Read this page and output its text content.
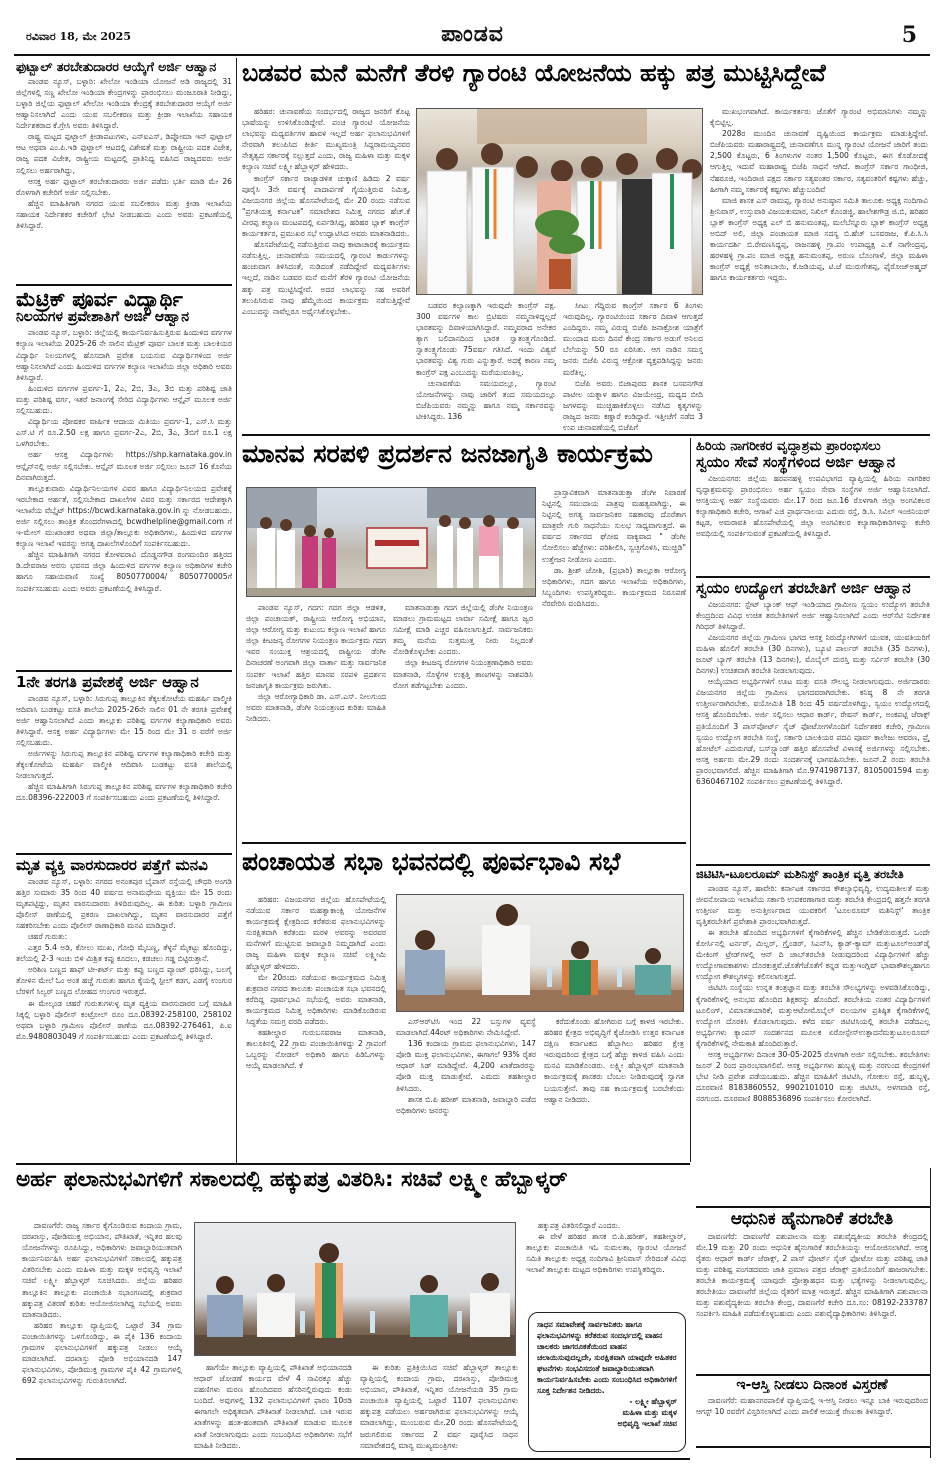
ರವಿವಾರ 18, ಮೇ 2025	ಪಾಂಡವ	5
ಫುಟ್ಬಾಲ್ ತರಬೇತುದಾರರ ಆಯ್ಕೆಗೆ ಅರ್ಜಿ ಆಹ್ವಾನ

ಪಾಂಡವ ನ್ಯೂಸ್, ಬಳ್ಳಾರಿ: ಖೇಲೋ ಇಂಡಿಯಾ ಯೋಜನೆ ಅಡಿ ರಾಜ್ಯದಲ್ಲಿ 31 ಜಿಲ್ಲೆಗಳಲ್ಲಿ ಸಣ್ಣ ಖೇಲೋ ಇಂಡಿಯಾ ಕೇಂದ್ರಗಳನ್ನು ಪ್ರಾರಂಭಿಸಲು ಮಂಜೂರಾತಿ ನೀಡಿದ್ದು, ಬಳ್ಳಾರಿ ಜಿಲ್ಲೆಯ ಫುಟ್ಬಾಲ್ ಖೇಲೋ ಇಂಡಿಯಾ ಕೇಂದ್ರಕ್ಕೆ ತರಬೇತುದಾರರ ಆಯ್ಕೆಗೆ ಅರ್ಜಿ ಆಹ್ವಾನಿಸಲಾಗಿದೆ ಎಂದು ಯುವ ಸಬಲೀಕರಣ ಮತ್ತು ಕ್ರೀಡಾ ಇಲಾಖೆಯ ಸಹಾಯಕ ನಿರ್ದೇಶಕರಾದ ಕೆ.ಗ್ರೇಸಿ ಅವರು ತಿಳಿಸಿದ್ದಾರೆ.

ರಾಷ್ಟ್ರ ಮಟ್ಟದ ಫುಟ್ಬಾಲ್ ಕ್ರೀಡಾಪಟುಗಳು, ಎನ್ಐಎಸ್, ಡಿಪ್ಲೋಮಾ ಇನ್ ಫುಟ್ಬಾಲ್ ಆಟ ಅಥವಾ ಎಂ.ಪಿ.ಇಡಿ ಫುಟ್ಬಾಲ್ ಆಟದಲ್ಲಿ ವಿಶೇಷತೆ ಮತ್ತು ರಾಷ್ಟ್ರೀಯ ಪದಕ ವಿಜೇತ, ರಾಜ್ಯ ಪದಕ ವಿಜೇತ, ರಾಷ್ಟ್ರೀಯ ಮಟ್ಟದಲ್ಲಿ ಪ್ರಾತಿನಿಧ್ಯ ವಹಿಸಿದ ರಾಜ್ಯದವರು ಅರ್ಜಿ ಸಲ್ಲಿಸಲು ಅರ್ಹರಾಗಿದ್ದು,

ಆಸಕ್ತ ಅರ್ಹ ಫುಟ್ಬಾಲ್ ತರಬೇತುದಾರರು ಅರ್ಜಿ ಪಡೆದು ಭರ್ತಿ ಮಾಡಿ ಮೇ 26 ರೊಳಗಾಗಿ ಕಚೇರಿಗೆ ಅರ್ಜಿ ಸಲ್ಲಿಸಬೇಕು.

ಹೆಚ್ಚಿನ ಮಾಹಿತಿಗಾಗಿ ನಗರದ ಯುವ ಸಬಲೀಕರಣ ಮತ್ತು ಕ್ರೀಡಾ ಇಲಾಖೆಯ ಸಹಾಯಕ ನಿರ್ದೇಶಕರ ಕಚೇರಿಗೆ ಭೇಟಿ ನೀಡಬಹುದು ಎಂದು ಅವರು ಪ್ರಕಟಣೆಯಲ್ಲಿ ತಿಳಿಸಿದ್ದಾರೆ.

ಮೆಟ್ರಿಕ್ ಪೂರ್ವ ವಿದ್ಯಾರ್ಥಿ
ನಿಲಯಗಳ ಪ್ರವೇಶಾತಿಗೆ ಅರ್ಜಿ ಆಹ್ವಾನ

ಪಾಂಡವ ನ್ಯೂಸ್, ಬಳ್ಳಾರಿ: ಜಿಲ್ಲೆಯಲ್ಲಿ ಕಾರ್ಯನಿರ್ವಹಿಸುತ್ತಿರುವ ಹಿಂದುಳಿದ ವರ್ಗಗಳ ಕಲ್ಯಾಣ ಇಲಾಖೆಯ 2025-26 ನೇ ಸಾಲಿನ ಮೆಟ್ರಿಕ್ ಪೂರ್ವ ಬಾಲಕ ಮತ್ತು ಬಾಲಕಿಯರ ವಿದ್ಯಾರ್ಥಿ ನಿಲಯಗಳಲ್ಲಿ ಹೊಸದಾಗಿ ಪ್ರವೇಶ ಬಯಸುವ ವಿದ್ಯಾರ್ಥಿಗಳಿಂದ ಅರ್ಜಿ ಆಹ್ವಾನಿಸಲಾಗಿದೆ ಎಂದು ಹಿಂದುಳಿದ ವರ್ಗಗಳ ಕಲ್ಯಾಣ ಇಲಾಖೆಯ ಜಿಲ್ಲಾ ಅಧಿಕಾರಿ ಅವರು ತಿಳಿಸಿದ್ದಾರೆ.

ಹಿಂದುಳಿದ ವರ್ಗಗಳ ಪ್ರವರ್ಗ-1, 2ಎ, 2ಬಿ, 3ಎ, 3ಬಿ ಮತ್ತು ಪರಿಶಿಷ್ಟ ಜಾತಿ ಮತ್ತು ಪರಿಶಿಷ್ಟ ವರ್ಗ, ಇತರೆ ಜನಾಂಗಕ್ಕೆ ಸೇರಿದ ವಿದ್ಯಾರ್ಥಿಗಳು ಆನ್ಲೈನ್ ಮೂಲಕ ಅರ್ಜಿ ಸಲ್ಲಿಸಬಹುದು.

ವಿದ್ಯಾರ್ಥಿಯ ಪೋಷಕರ ವಾರ್ಷಿಕ ಆದಾಯ ಮಿತಿಯು ಪ್ರವರ್ಗ-1, ಎಸ್.ಸಿ ಮತ್ತು ಎಸ್.ಟಿ ಗೆ ರೂ.2.50 ಲಕ್ಷ ಹಾಗೂ ಪ್ರವರ್ಗ-2ಎ, 2ಬಿ, 3ಎ, 3ಬಿಗೆ ರೂ.1 ಲಕ್ಷ ಒಳಗಿರಬೇಕು.

ಅರ್ಹ ಆಸಕ್ತ ವಿದ್ಯಾರ್ಥಿಗಳು https://shp.karnataka.gov.in ಆನ್ಲೈನ್‌ನಲ್ಲಿ ಅರ್ಜಿ ಸಲ್ಲಿಸಬೇಕು. ಆನ್ಲೈನ್ ಮೂಲಕ ಅರ್ಜಿ ಸಲ್ಲಿಸಲು ಜೂನ್ 16 ಕೊನೆಯ ದಿನವಾಗಿರುತ್ತದೆ.

ತಾಲ್ಲೂಕುವಾರು ವಿದ್ಯಾರ್ಥಿನಿಲಯಗಳ ವಿವರ ಹಾಗೂ ವಿದ್ಯಾರ್ಥಿನಿಲಯದ ಪ್ರವೇಶಕ್ಕೆ ಇರಬೇಕಾದ ಅರ್ಹತೆ, ಸಲ್ಲಿಸಬೇಕಾದ ದಾಖಲೆಗಳ ವಿವರ ಮತ್ತು ಸರ್ಕಾರದ ಆದೇಶಕ್ಕಾಗಿ ಇಲಾಖೆಯ ವೆಬ್ಸೈಟ್ https://bcwd.karnataka.gov.in ನ್ನು ನೋಡಬಹುದು. ಅರ್ಜಿ ಸಲ್ಲಿಸಲು ತಾಂತ್ರಿಕ ತೊಂದರೆಗಳಾದಲ್ಲಿ bcwdhelpline@gmail.com ಗೆ ಇ-ಮೇಲ್ ಮುಖಾಂತರ ಅಥವಾ ಜಿಲ್ಲಾ/ತಾಲ್ಲೂಕು ಅಧಿಕಾರಿಗಳು, ಹಿಂದುಳಿದ ವರ್ಗಗಳ ಕಲ್ಯಾಣ ಇಲಾಖೆ ಇವರನ್ನು ಅಗತ್ಯ ದಾಖಲೆಗಳೊಂದಿಗೆ ಸಂಪರ್ಕಿಸಬಹುದು.

ಹೆಚ್ಚಿನ ಮಾಹಿತಿಗಾಗಿ ನಗರದ ಕೋಳವರಾವಿ ದೊಡ್ಡನಗೌಡ ರಂಗಮಂದಿರ ಹತ್ತಿರದ ಡಿ.ದೇವರಾಜ ಅರಸು ಭವನದ ಜಿಲ್ಲಾ ಹಿಂದುಳಿದ ವರ್ಗಗಳ ಕಲ್ಯಾಣ ಅಧಿಕಾರಿಗಳ ಕಚೇರಿ ಹಾಗೂ ಸಹಾಯವಾಣಿ ಸಂಖ್ಯೆ 8050770004/ 8050770005ಗೆ ಸಂಪರ್ಕಿಸಬಹುದು ಎಂದು ಅವರು ಪ್ರಕಟಣೆಯಲ್ಲಿ ತಿಳಿಸಿದ್ದಾರೆ.

1ನೇ ತರಗತಿ ಪ್ರವೇಶಕ್ಕೆ ಅರ್ಜಿ ಆಹ್ವಾನ

ಪಾಂಡವ ನ್ಯೂಸ್, ಬಳ್ಳಾರಿ: ಸಿರುಗುಪ್ಪ ತಾಲ್ಲೂಕಿನ ತೆಕ್ಕಲಕೋಟೆಯ ಮಹರ್ಷಿ ವಾಲ್ಮೀಕಿ ಆದಿವಾಸಿ ಬುಡಕಟ್ಟು ವಸತಿ ಶಾಲೆಯ 2025-26ನೇ ಸಾಲಿನ 01 ನೇ ತರಗತಿ ಪ್ರವೇಶಕ್ಕೆ ಅರ್ಜಿ ಆಹ್ವಾನಿಸಲಾಗಿದೆ ಎಂದು ತಾಲ್ಲೂಕು ಪರಿಶಿಷ್ಟ ವರ್ಗಗಳ ಕಲ್ಯಾಣಾಧಿಕಾರಿ ಅವರು ತಿಳಿಸಿದ್ದಾರೆ. ಆಸಕ್ತ ಅರ್ಹ ವಿದ್ಯಾರ್ಥಿಗಳು ಮೇ 15 ರಿಂದ ಮೇ 31 ರ ವರೆಗೆ ಅರ್ಜಿ ಸಲ್ಲಿಸಬಹುದು.

ಅರ್ಜಿಗಳನ್ನು ಸಿರುಗುಪ್ಪ ತಾಲ್ಲೂಕಿನ ಪರಿಶಿಷ್ಟ ವರ್ಗಗಳ ಕಲ್ಯಾಣಾಧಿಕಾರಿ ಕಚೇರಿ ಮತ್ತು ತೆಕ್ಕಲಕೋಟೆಯ ಮಹರ್ಷಿ ವಾಲ್ಮೀಕಿ ಆದಿವಾಸಿ ಬುಡಕಟ್ಟು ವಸತಿ ಶಾಲೆಯಲ್ಲಿ ನೀಡಲಾಗುತ್ತದೆ.

ಹೆಚ್ಚಿನ ಮಾಹಿತಿಗಾಗಿ ಸಿರುಗುಪ್ಪ ತಾಲ್ಲೂಕಿನ ಪರಿಶಿಷ್ಟ ವರ್ಗಗಳ ಕಲ್ಯಾಣಾಧಿಕಾರಿ ಕಚೇರಿ ದೂ.08396-222003 ಗೆ ಸಂಪರ್ಕಿಸಬಹುದು ಎಂದು ಪ್ರಕಟಣೆಯಲ್ಲಿ ತಿಳಿಸಿದ್ದಾರೆ.

ಮೃತ ವ್ಯಕ್ತಿ ವಾರಸುದಾರರ ಪತ್ತೆಗೆ ಮನವಿ

ಪಾಂಡವ ನ್ಯೂಸ್, ಬಳ್ಳಾರಿ: ನಗರದ ಅನಂತಪುರ ಬೈಪಾಸ್ ರಸ್ತೆಯಲ್ಲಿ ಚೌಧರಿ ಅಂಗಡಿ ಹತ್ತಿರ ಸುಮಾರು 35 ರಿಂದ 40 ವರ್ಷದ ಅನಾಮಧೇಯ ವ್ಯಕ್ತಿಯು ಮೇ 15 ರಂದು ಮೃತಪಟ್ಟಿದ್ದು, ಮೃತನ ವಾರಸುದಾರರು ತಿಳಿದಿರುವುದಿಲ್ಲ. ಈ ಕುರಿತು ಬಳ್ಳಾರಿ ಗ್ರಾಮೀಣ ಪೊಲೀಸ್ ಠಾಣೆಯಲ್ಲಿ ಪ್ರಕರಣ ದಾಖಲಾಗಿದ್ದು, ಮೃತನ ವಾರಸುದಾರರ ಪತ್ತೆಗೆ ಸಹಕರಿಸಬೇಕು ಎಂದು ಪೊಲೀಸ್ ಠಾಣಾಧಿಕಾರಿ ಮನವಿ ಮಾಡಿದ್ದಾರೆ.

ಚಹರೆ ಗುರುತು:

ಎತ್ತರ 5.4 ಅಡಿ, ಕೋಲು ಮುಖ, ಗೋಧಿ ಮೈಬಣ್ಣ, ತೆಳ್ಳನೆ ಮೈಕಟ್ಟು ಹೊಂದಿದ್ದು, ತಲೆಯಲ್ಲಿ 2-3 ಇಂಚು ಬಿಳಿ ಮಿಶ್ರಿತ ಕಪ್ಪು ಕೂದಲು, ಕಡಚಲು ಗಡ್ಡ ಬಿಟ್ಟಿರುತ್ತಾನೆ.

ಅರಿಶಿಣ ಬಣ್ಣದ ಹಾಫ್ ಟೀ-ಶರ್ಟ್ ಮತ್ತು ಕಪ್ಪು ಬಣ್ಣದ ಪ್ಯಾಂಟ್ ಧರಿಸಿದ್ದು, ಬಲಗೈ ತೋಳಿನ ಮೇಲೆ ಓಂ ಅಂತ ಹಚ್ಚೆ ಗುರುತು ಹಾಗೂ ಕೈಯಲ್ಲಿ ಸ್ಟೀಲ್ ಕಡಗ, ಎಡಗೈ ಉಂಗುರ ಬೆರಳಿಗೆ ಸಿಲ್ವರ್ ಬಣ್ಣದ ಲೋಹದ ಉಂಗುರ ಇರುತ್ತದೆ.

ಈ ಮೇಲ್ಕಂಡ ಚಹರೆ ಗುರುತುಗಳುಳ್ಳ ಮೃತ ವ್ಯಕ್ತಿಯ ವಾರಸುದಾರರ ಬಗ್ಗೆ ಮಾಹಿತಿ ಸಿಕ್ಕಲ್ಲಿ ಬಳ್ಳಾರಿ ಪೊಲೀಸ್ ಕಂಟ್ರೋಲ್ ರೂಂ ದೂ.08392-258100, 258102 ಅಥವಾ ಬಳ್ಳಾರಿ ಗ್ರಾಮೀಣ ಪೊಲೀಸ್ ಠಾಣೆಯ ದೂ.08392-276461, ಪಿ.ಐ ಮೊ.9480803049 ಗೆ ಸಂಪರ್ಕಿಸಬಹುದು ಎಂದು ಪ್ರಕಟಣೆಯಲ್ಲಿ ತಿಳಿಸಿದ್ದಾರೆ.

ಬಡವರ ಮನೆ ಮನೆಗೆ ತೆರಳಿ ಗ್ಯಾರಂಟಿ ಯೋಜನೆಯ ಹಕ್ಕು ಪತ್ರ ಮುಟ್ಟಿಸಿದ್ದೇವೆ

ಹರಿಹರ: ಚುನಾವಣೆಯ ಸಂದರ್ಭದಲ್ಲಿ ರಾಜ್ಯದ ಜನರಿಗೆ ಕೊಟ್ಟ ಭಾಷೆಯನ್ನು ಉಳಿಸಿಕೊಂಡಿದ್ದೇವೆ. ಪಂಚ ಗ್ಯಾರಂಟಿ ಯೋಜನೆಯ ಲಾಭವನ್ನು ಮಧ್ಯವರ್ತಿಗಳ ಹಾವಳಿ ಇಲ್ಲದೆ ಅರ್ಹ ಫಲಾನುಭವಿಗಳಿಗೆ ನೇರವಾಗಿ ತಲುಪಿಸಿದ ಕೀರ್ತಿ ಮುಖ್ಯಮಂತ್ರಿ ಸಿದ್ದರಾಮಯ್ಯನವರ ನೇತೃತ್ವದ ಸರ್ಕಾರಕ್ಕೆ ಸಲ್ಲುತ್ತದೆ ಎಂದು, ರಾಜ್ಯ ಮಹಿಳಾ ಮತ್ತು ಮಕ್ಕಳ ಕಲ್ಯಾಣ ಸಚಿವೆ ಲಕ್ಷ್ಮೀ ಹೆಬ್ಬಾಳ್ಕರ್ ಹೇಳಿದರು.

ಕಾಂಗ್ರೆಸ್ ಸರ್ಕಾರ ರಾಜ್ಯಾಡಳಿತ ಚುಕ್ಕಾಣಿ ಹಿಡಿದು 2 ವರ್ಷ ಪೂರೈಸಿ 3ನೇ ವರ್ಷಕ್ಕೆ ಪಾದಾರ್ಪಣೆ ಗೈಯುತ್ತಿರುವ ನಿಮಿತ್ತ, ವಿಜಯನಗರ ಜಿಲ್ಲೆಯ ಹೊಸಪೇಟೆಯಲ್ಲಿ ಮೇ 20 ರಂದು ನಡೆಸುವ "ಪ್ರಗತಿಯತ್ತ ಕರ್ನಾಟಕ" ಸಮಾವೇಶದ ನಿಮಿತ್ತ ನಗರದ ಹೆಚ್.ಕೆ ವೀರಪ್ಪ ಕಲ್ಯಾಣ ಮಂಟಪದಲ್ಲಿ ಏರ್ಪಡಿಸಿದ್ದ, ಹರಿಹರ ಬ್ಲಾಕ್ ಕಾಂಗ್ರೆಸ್ ಕಾರ್ಯಕರ್ತರ, ಪ್ರಮುಖರ ಸಭೆ ಉದ್ಘಾಟಿಸಿದ ಅವರು ಮಾತನಾಡಿದರು.

ಹೊಸಪೇಟೆಯಲ್ಲಿ ನಡೆಸುತ್ತಿರುವ ನಾವು ಕಾಟಾಚಾರಕ್ಕೆ ಕಾರ್ಯಕ್ರಮ ನಡೆಸುತ್ತಿಲ್ಲ. ಚುನಾವಣೆಯ ಸಮಯದಲ್ಲಿ ಗ್ಯಾರಂಟಿ ಕಾರ್ಡುಗಳನ್ನು ಹಂಚುವಾಗ ತಿಳಿಸಿದಂತೆ, ನುಡಿದಂತೆ ನಡೆದಿದ್ದೇವೆ ಮಧ್ಯವರ್ತಿಗಳು ಇಲ್ಲದೆ, ನಾಡಿನ ಬಡವರ ಮನೆ ಮನೆಗೆ ತೆರಳಿ ಗ್ಯಾರಂಟಿ ಯೋಜನೆಯ ಹಕ್ಕು ಪತ್ರ ಮುಟ್ಟಿಸಿದ್ದೇವೆ. ಅದರ ಲಾಭವನ್ನು ಸಹ ಅವರಿಗೆ ತಲುಪಿಸಿರುವ ನಾವು ಹೆಮ್ಮೆಯಿಂದ ಕಾರ್ಯಕ್ರಮ ನಡೆಸುತ್ತಿದ್ದೇವೆ ಎಂಬುದನ್ನು ನಾವೆಲ್ಲರೂ ಅರ್ಥೈಸಿಕೊಳ್ಳಬೇಕು.

ಬಡವರ ಕಲ್ಯಾಣಕ್ಕಾಗಿ ಇರುವುದೇ ಕಾಂಗ್ರೆಸ್ ಪಕ್ಷ. 300 ವರ್ಷಗಳ ಕಾಲ ಬ್ರಿಟಿಷರು ನಮ್ಮನಾಳಿದ್ದಲ್ಲದೆ ಭಾರತವನ್ನು ದಿವಾಳಿಯಾಗಿಸಿದ್ದಾರೆ. ನಮ್ಮವರಾದ ಅನೇಕರ ತ್ಯಾಗ ಬಲಿದಾನದಿಂದ ಭಾರತ ಸ್ವಾತಂತ್ರ್ಯಗೊಂಡಿದೆ. ಸ್ವಾತಂತ್ರ್ಯಗೊಂಡು 75ವರ್ಷ ಗತಿಸಿದೆ. ಇಂದು ವಿಶ್ವವೆ ಭಾರತವನ್ನು ವಿಶ್ವ ಗುರು ಎನ್ನುತ್ತಾರೆ. ಅದಕ್ಕೆ ಕಾರಣ ನಮ್ಮ ಕಾಂಗ್ರೆಸ್ ಪಕ್ಷ ಎಂಬುದನ್ನು ಮರೆಯುವಂತಿಲ್ಲ.

ಚುನಾವಣೆಯ ಸಮಯದಲ್ಲೂ, ಗ್ಯಾರಂಟಿ ಯೋಜನೆಗಳನ್ನು ನಾವು ಜಾರಿಗೆ ತಂದ ಸಮಯದಲ್ಲೂ ಬಿಜೆಪಿಯವರು ನಮ್ಮನ್ನು ಹಾಗೂ ನಮ್ಮ ಸರ್ಕಾರವನ್ನು ಟೀಕಿಸಿದ್ದರು. 136

ಸೀಟು ಗೆದ್ದಿರುವ ಕಾಂಗ್ರೆಸ್ ಸರ್ಕಾರ 6 ತಿಂಗಳು ಇರುವುದಿಲ್ಲ. ಗ್ಯಾರಂಟಿಯಿಂದ ಸರ್ಕಾರ ದಿವಾಳಿ ಆಗುತ್ತದೆ ಎಂದಿದ್ದರು. ನಮ್ಮ ವಿರುದ್ಧ ಬಿಜೆಪಿ ಜನಾಕ್ರೋಶ ಯಾತ್ರೆಗೆ ಮುಂದಾದ ಮರು ದಿನವೆ ಕೇಂದ್ರ ಸರ್ಕಾರ ಅಡುಗೆ ಅನಿಲದ ಬೆಲೆಯನ್ನು 50 ರೂ ಏರಿಸಿತು. ಆಗ ನಾಡಿನ ಸಮಸ್ತ ಜನರು ಬಿಜೆಪಿ ವಿರುದ್ಧ ಆಕ್ರೋಶ ವ್ಯಕ್ತಪಡಿಸಿದ್ದನ್ನು ಜನರು ಮರೆತಿಲ್ಲ.

ಬಿಜೆಪಿ ಅವರು ಬಿಜಾಪುರದ ಶಾಸಕ ಬಸವನಗೌಡ ಪಾಟೀಲ ಯತ್ನಾಳ ಹಾಗೂ ವಿಜಯೇಂದ್ರ, ಮಧ್ಯದ ಬೀದಿ ಜಗಳವನ್ನು ಮುಚ್ಚಿಹಾಕಿಕೊಳ್ಳಲು ನಡೆಸಿದ ಕೃತ್ಯಗಳನ್ನು ರಾಜ್ಯದ ಜನರು ಕಣ್ಣಾರೆ ಕಂಡಿದ್ದಾರೆ. ಇತ್ತೀಚೆಗೆ ನಡೆದ 3 ಉಪ ಚುನಾವಣೆಯಲ್ಲಿ ಬಿಜೆಪಿಗೆ

ಮುಖಭಂಗವಾಗಿದೆ. ಕಾರ್ಯಕರ್ತರು ಜೊತೆಗೆ ಗ್ಯಾರಂಟಿ ಅಭಿಮಾನಿಗಳು ನಮ್ಮನ್ನು ಕೈಬಿಟ್ಟಿಲ್ಲ.

2028ರ ಮುಂದಿನ ಚುನಾವಣೆ ದೃಷ್ಟಿಯಿಂದ ಕಾರ್ಯಕ್ರಮ ಮಾಡುತ್ತಿದ್ದೇವೆ. ಬಿಜೆಪಿಯವರು ಮಹಾರಾಷ್ಟ್ರದಲ್ಲಿ ಚುನಾವಣೆಗೂ ಮುನ್ನ ಗ್ಯಾರಂಟಿ ಯೋಜನೆ ಜಾರಿಗೆ ತಂದು 2,500 ಕೊಟ್ಟರು, 6 ತಿಂಗಳುಗಳ ನಂತರ 1,500 ಕೊಟ್ಟರು, ಈಗ ಕೊಡೋದಕ್ಕೆ ಆಗುತ್ತಿಲ್ಲ ಇದುವೆ ಮಹಾರಾಷ್ಟ್ರ ಬಿಜೆಪಿ ಸಾಧನೆ ಆಗಿದೆ. ಕಾಂಗ್ರೆಸ್ ಸರ್ಕಾರ ಗಾಂಧೀಜಿ, ನೆಹರೂಜಿ, ಇಂದಿರಾಜಿ ಪಕ್ಷದ ಸರ್ಕಾರ ಸತ್ಯವಂತರ ಸರ್ಕಾರ, ಸತ್ಯವಂತರಿಗೆ ಕಷ್ಟಗಳು ಹೆಚ್ಚು, ಹೀಗಾಗಿ ನಮ್ಮ ಸರ್ಕಾರಕ್ಕೆ ಕಷ್ಟಗಳು ಹೆಚ್ಚುಬಂದಿವೆ

ಮಾಜಿ ಶಾಸಕ ಎಸ್ ರಾಮಪ್ಪ, ಗ್ಯಾರಂಟಿ ಅನುಷ್ಠಾನ ಸಮಿತಿ ತಾಲೂಕು ಅಧ್ಯಕ್ಷ ನಂದಿಗಾವಿ ಶ್ರೀನಿವಾಸ್, ಉಸ್ತುವಾರಿ ವಿಜಯಕುಮಾರ, ನಿಖಿಲ್ ಕೊಂಡಜ್ಜಿ, ಹಾಲೇಶಗೌಡ್ರ ಜಿ.ಬಿ, ಹರಿಹರ ಬ್ಲಾಕ್ ಕಾಂಗ್ರೆಸ್ ಅಧ್ಯಕ್ಷ ಎಲ್ ಬಿ ಹನುಮಂತಪ್ಪ, ಮಲೆಬೆನ್ನೂರು ಬ್ಲಾಕ್ ಕಾಂಗ್ರೆಸ್ ಅಧ್ಯಕ್ಷ ಅಬಿದ್ ಅಲಿ, ಜಿಲ್ಲಾ ಪಂಚಾಯತ ಮಾಜಿ ಸದಸ್ಯ ಬಿ.ಹೆಚ್ ಬಸವರಾಜ, ಕೆ.ಪಿ.ಸಿ.ಸಿ ಕಾರ್ಯದರ್ಶಿ ಬಿ.ರೇವಣಸಿದ್ದಪ್ಪ, ರಾಜನಹಳ್ಳಿ ಗ್ರಾ.ಪಂ ಉಪಾಧ್ಯಕ್ಷ ಎ.ಕೆ ನಾಗೇಂದ್ರಪ್ಪ, ಹರಳಹಳ್ಳಿ ಗ್ರಾ.ಪಂ ಮಾಜಿ ಅಧ್ಯಕ್ಷ ಹನುಮಂತಪ್ಪ, ಅರುಣ ಬೊಂಗಾಳೆ, ಜಿಲ್ಲಾ ಮಹಿಳಾ ಕಾಂಗ್ರೆಸ್ ಅಧ್ಯಕ್ಷೆ ಅನಿತಾಬಾಯಿ, ಕೆ.ಜಡಿಯಪ್ಪ, ಟಿ.ಜೆ ಮುರುಗೇಶಪ್ಪ, ಫೈರೋಜ್‌ಅಹ್ಮದ್ ಹಾಗೂ ಕಾರ್ಯಕರ್ತರು ಇದ್ದರು.

ಮಾನವ ಸರಪಳಿ ಪ್ರದರ್ಶನ ಜನಜಾಗೃತಿ ಕಾರ್ಯಕ್ರಮ

ಪಾಂಡವ ನ್ಯೂಸ್, ಗದಗ: ಗದಗ ಜಿಲ್ಲಾ ಆಡಳಿತ, ಜಿಲ್ಲಾ ಪಂಚಾಯತ್, ರಾಷ್ಟ್ರೀಯ ಆರೋಗ್ಯ ಅಭಿಯಾನ, ಜಿಲ್ಲಾ ಆರೋಗ್ಯ ಮತ್ತು ಕುಟುಂಬ ಕಲ್ಯಾಣ ಇಲಾಖೆ ಹಾಗೂ ಜಿಲ್ಲಾ ಕೀಟಜನ್ಯ ರೋಗಗಳ ನಿಯಂತ್ರಣ ಕಾರ್ಯಕ್ರಮ ಗದಗ ಇವರ ಸಂಯುಕ್ತ ಆಶ್ರಯದಲ್ಲಿ ರಾಷ್ಟ್ರೀಯ ಡೆಂಗೀ ದಿನಾಚರಣೆ ಅಂಗವಾಗಿ ಜಿಲ್ಲಾ ವಾರ್ತಾ ಮತ್ತು ಸಾರ್ವಜನಿಕ ಸಂಪರ್ಕ ಇಲಾಖೆ ಹತ್ತಿರ ಮಾನವ ಸರಪಳಿ ಪ್ರದರ್ಶನ ಜನಜಾಗೃತಿ ಕಾರ್ಯಕ್ರಮ ಜರುಗಿತು.

ಜಿಲ್ಲಾ ಆರೋಗ್ಯಾಧಿಕಾರಿ ಡಾ. ಎಸ್.ಎಸ್. ನೀಲಗುಂದ ಅವರು ಮಾತನಾಡಿ, ಡೆಂಗೀ ನಿಯಂತ್ರಣದ ಕುರಿತು ಮಾಹಿತಿ ನೀಡಿದರು.

ಮಾತನಾಡುತ್ತಾ ಗದಗ ಜಿಲ್ಲೆಯಲ್ಲಿ ಡೆಂಗೀ ನಿಯಂತ್ರಣ ಮಾಡಲು ಗ್ರಾಮಮಟ್ಟದ ಲಾರ್ವಾ ಸಮೀಕ್ಷೆ ಹಾಗೂ ಜ್ವರ ಸಮೀಕ್ಷೆ ಮಾಡಿ ಎಚ್ಚರ ವಹಿಸಲಾಗುತ್ತಿದೆ. ಸಾರ್ವಜನಿಕರು ತಮ್ಮ ಮನೆಯ ಸುತ್ತಮುತ್ತ ನೀರು ನಿಲ್ಲದಂತೆ ನೋಡಿಕೊಳ್ಳಬೇಕು ಎಂದರು.

ಜಿಲ್ಲಾ ಕೀಟಜನ್ಯ ರೋಗಗಳ ನಿಯಂತ್ರಣಾಧಿಕಾರಿ ಅವರು ಮಾತನಾಡಿ, ಸೊಳ್ಳೆಗಳ ಉತ್ಪತ್ತಿ ತಾಣಗಳನ್ನು ನಾಶಪಡಿಸಿ ರೋಗ ತಡೆಗಟ್ಟಬೇಕು ಎಂದರು.

ಪ್ರಾಸ್ತಾವಿಕವಾಗಿ ಮಾತನಾಡುತ್ತಾ ಡೆಂಗೀ ನಿವಾರಣೆ ನಿಟ್ಟಿನಲ್ಲಿ ಸಮುದಾಯ ಪಾತ್ರವು ಮಹತ್ವವಾಗಿದ್ದು, ಈ ನಿಟ್ಟಿನಲ್ಲಿ ಅಗತ್ಯ ಸಾರ್ವಜನಿಕರ ಸಹಕಾರವು ದೊರೆತಾಗ ಮಾತ್ರವೇ ಗುರಿ ಸಾಧನೆಯು ಸುಲಭ ಸಾಧ್ಯವಾಗುತ್ತದೆ. ಈ ವರ್ಷದ ಸರ್ಕಾರದ ಘೋಷ ವಾಕ್ಯವಾದ " ಡೆಂಗೀ ಸೋಲಿಸಲು ಹೆಜ್ಜೆಗಳು: ಪರಿಶೀಲಿಸಿ, ಸ್ವಚ್ಛಗೊಳಿಸಿ, ಮುಚ್ಚಿಡಿ" ಉತ್ತೇಜನ ನೀಡೋಣ ಎಂದರು.

ಡಾ. ಶ್ರೀಶ್ ಜೋಶಿ, (ಪ್ರಭಾರಿ) ತಾಲ್ಲೂಕಾ ಆರೋಗ್ಯ ಅಧಿಕಾರಿಗಳು, ಗದಗ ಹಾಗೂ ಇಲಾಖೆಯ ಅಧಿಕಾರಿಗಳು, ಸಿಬ್ಬಂದಿಗಳು ಉಪಸ್ಥಿತರಿದ್ದರು. ಕಾರ್ಯಕ್ರಮದ ನಿರೂಪಣೆ ನೆರವೇರಿಸಿ ವಂದಿಸಿದರು.

ಹಿರಿಯ ನಾಗರೀಕರ ವೃದ್ಧಾಶ್ರಮ ಪ್ರಾರಂಭಿಸಲು
ಸ್ವಯಂ ಸೇವೆ ಸಂಸ್ಥೆಗಳಿಂದ ಅರ್ಜಿ ಆಹ್ವಾನ

ವಿಜಯನಗರ: ಜಿಲ್ಲೆಯ ಹರಪನಹಳ್ಳಿ ಉಪವಿಭಾಗದ ವ್ಯಾಪ್ತಿಯಲ್ಲಿ ಹಿರಿಯ ನಾಗರಿಕರ ವೃದ್ಧಾಶ್ರಮವನ್ನು ಪ್ರಾರಂಭಿಸಲು ಅರ್ಹ ಸ್ವಯಂ ಸೇವಾ ಸಂಸ್ಥೆಗಳ ಅರ್ಜಿ ಆಹ್ವಾನಿಸಲಾಗಿದೆ. ಆಸಕ್ತಿಯುಳ್ಳ ಅರ್ಹ ಸಂಸ್ಥೆಯವರು ಮೇ.17 ರಿಂದ ಜೂ.16 ರೊಳಗಾಗಿ ಜಿಲ್ಲಾ ಅಂಗವಿಕಲರ ಕಲ್ಯಾಣಾಧಿಕಾರಿ ಕಚೇರಿ, ಆಗಾಖೆ ಎಜಿ ಪ್ರಾರ್ಥನಾಲಯ ಎದುರು ರಸ್ತೆ, ಡಿ.ಸಿ. ಸಿವಿಲ್ ಇಂಜಿನಿಯರ್ ಕಟ್ಟಡ, ಅಮರಾವತಿ ಹೊಸಪೇಟೆಯಲ್ಲಿ ಜಿಲ್ಲಾ ಅಂಗವಿಕಲರ ಕಲ್ಯಾಣಾಧಿಕಾರಿಗಳನ್ನು ಕಚೇರಿ ಅವಧಿಯಲ್ಲಿ ಸಂಪರ್ಕಿಸುವಂತೆ ಪ್ರಕಟಣೆಯಲ್ಲಿ ತಿಳಿಸಿದ್ದಾರೆ.

ಸ್ವಯಂ ಉದ್ಯೋಗ ತರಬೇತಿಗೆ ಅರ್ಜಿ ಆಹ್ವಾನ

ವಿಜಯನಗರ: ಸ್ಟೇಟ್ ಬ್ಯಾಂಕ್ ಆಫ್ ಇಂಡಿಯಾದ ಗ್ರಾಮೀಣ ಸ್ವಯಂ ಉದ್ಯೋಗ ತರಬೇತಿ ಕೇಂದ್ರದಿಂದ ವಿವಿಧ ಉಚಿತ ತರಬೇತಿಗಳಿಗೆ ಅರ್ಜಿ ಆಹ್ವಾನಿಸಲಾಗಿದೆ ಎಂದು ಆರ್‌ಸೆಟಿ ನಿರ್ದೇಶಕ ಗಿರಿಧರ್ ತಿಳಿಸಿದ್ದಾರೆ.

ವಿಜಯನಗರ ಜಿಲ್ಲೆಯ ಗ್ರಾಮೀಣ ಭಾಗದ ಆಸಕ್ತ ನಿರುದ್ಯೋಗಿಗಳಿಗೆ ಯುವಕ, ಯುವತಿಯರಿಗೆ ಮಹಿಳಾ ಹೊಲಿಗೆ ತರಬೇತಿ (30 ದಿನಗಳು), ಬ್ಯೂಟಿ ಪಾರ್ಲರ್ ತರಬೇತಿ (35 ದಿನಗಳು), ಜೂಟ್ ಬ್ಯಾಗ್ ತರಬೇತಿ (13 ದಿನಗಳು), ಮೊಬೈಲ್ ದುರಸ್ತಿ ಮತ್ತು ಸರ್ವಿಸ್ ತರಬೇತಿ (30 ದಿನಗಳು) ಉಚಿತವಾಗಿ ತರಬೇತಿ ನೀಡಲಾಗುವುದು.

ಆಯ್ಕೆಯಾದ ಅಭ್ಯರ್ಥಿಗಳಿಗೆ ಊಟ ಮತ್ತು ವಸತಿ ಸೌಲಭ್ಯ ನೀಡಲಾಗುವುದು. ಅರ್ಜಿದಾರರು ವಿಜಯನಗರ ಜಿಲ್ಲೆಯ ಗ್ರಾಮೀಣ ಭಾಗದವರಾಗಿರಬೇಕು. ಕನಿಷ್ಠ 8 ನೇ ತರಗತಿ ಉತ್ತೀರ್ಣರಾಗಿರಬೇಕು. ವಯೋಮಿತಿ 18 ರಿಂದ 45 ವರ್ಷದೊಳಗಿದ್ದು, ಸ್ವಯಂ ಉದ್ಯೋಗದಲ್ಲಿ ಆಸಕ್ತಿ ಹೊಂದಿರಬೇಕು. ಅರ್ಜಿ ಸಲ್ಲಿಸಲು ಆಧಾರ ಕಾರ್ಡ್, ರೇಷನ್ ಕಾರ್ಡ್, ಅಂಕಪಟ್ಟಿ ಜೆರಾಕ್ಸ್ ಪ್ರತಿಯೊಂದಿಗೆ 3 ಪಾಸ್‌ಪೋರ್ಟ್ ಸೈಜ್ ಫೋಟೋಗಳೊಂದಿಗೆ ನಿರ್ದೇಶಕರ ಕಚೇರಿ, ಗ್ರಾಮೀಣ ಸ್ವಯಂ ಉದ್ಯೋಗ ತರಬೇತಿ ಸಂಸ್ಥೆ, ಸರ್ಕಾರಿ ಬಾಲಕಿಯರ ಪದವಿ ಪೂರ್ವ ಕಾಲೇಜು ಆವರಣ, ಪ್ರೈ ಹೋಟೆಲ್ ಎದುರುಗಡೆ, ಬಸ್‌ಸ್ಟ್ಯಾಂಡ್ ಹತ್ತಿರ ಹೊಸಪೇಟೆ ವಿಳಾಸಕ್ಕೆ ಅರ್ಜಿಗಳನ್ನು ಸಲ್ಲಿಸಬೇಕು. ಆಸಕ್ತ ಅರ್ಹರು ಮೇ.29 ರಂದು ಸಂದರ್ಶನಕ್ಕೆ ಭಾಗವಹಿಸಬೇಕು. ಜೂನ್.2 ರಂದು ತರಬೇತಿ ಪ್ರಾರಂಭವಾಗಲಿದೆ. ಹೆಚ್ಚಿನ ಮಾಹಿತಿಗಾಗಿ ಮೊ.9741987137, 8105001594 ಮತ್ತು 6360467102 ಸಂಪರ್ಕಿಸಲು ಪ್ರಕಟಣೆಯಲ್ಲಿ ತಿಳಿಸಿದ್ದಾರೆ.

ಜಿಟಿಟಿಸಿ-ಟೂಲರೂಮ್ ಮಶಿನಿಸ್ಟ್ ತಾಂತ್ರಿಕ ವೃತ್ತಿ ತರಬೇತಿ

ಪಾಂಡವ ನ್ಯೂಸ್, ಹಾವೇರಿ: ಕರ್ನಾಟಕ ಸರ್ಕಾರದ ಕೌಶಲ್ಯಾಭಿವೃದ್ಧಿ, ಉದ್ಯಮಶೀಲತೆ ಮತ್ತು ಜೀವನೋಪಾಯ ಇಲಾಖೆಯ ಸರ್ಕಾರಿ ಉಪಕರಣಾಗಾರ ಮತ್ತು ತರಬೇತಿ ಕೇಂದ್ರದಲ್ಲಿ ಹತ್ತನೇ ತರಗತಿ ಉತ್ತೀರ್ಣ ಮತ್ತು ಅನುತ್ತೀರ್ಣರಾದ ಯುವಕರಿಗೆ 'ಟೂಲರೂಮ್ ಮಶಿನಿಸ್ಟ್' ತಾಂತ್ರಿಕ ವೃತ್ತಿತರಬೇತಿಗೆ ಪ್ರವೇಶಾತಿ ಪ್ರಾರಂಭವಾಗಿರುತ್ತದೆ.

ಈ ತರಬೇತಿ ಹೊಂದಿದ ಅಭ್ಯರ್ಥಿಗಳಿಗೆ ಕೈಗಾರಿಕೆಗಳಲ್ಲಿ ಹೆಚ್ಚಿನ ಬೇಡಿಕೆಯಿರುತ್ತದೆ. ಒಂದೇ ಕೋರ್ಸಿನಲ್ಲಿ ಟರ್ನರ್, ಮಿಲ್ಲರ್, ಗ್ರೈಂಡರ್, ಸಿಎನ್‌ಸಿ, ಕ್ಯಾಡ್-ಕ್ಯಾಮ್ ಮತ್ತುಟೂಲ್‌ಅಂಡ್‌ಡೈ ಮೇಕಿಂಗ್ ಟ್ರೇಡ್‌ಗಳಲ್ಲಿ ಆನ್ ದಿ ಜಾಬ್‌ತರಬೇತಿ ನೀಡುವುದರಿಂದ ವಿದ್ಯಾರ್ಥಿಗಳಿಗೆ ಹೆಚ್ಚು ಉದ್ಯೋಗಾವಕಾಶಗಳು ದೊರಕುತ್ತವೆ.ಜೊತೆಗೆಜೊತೆಗೆ ಕನ್ನಡ ಮತ್ತುಇಂಗ್ಲಿಷ್ ಭಾಷಾಕೌಶಲ್ಯಹಾಗೂ ಉದ್ಯೋಗ ಕೌಶಲ್ಯಗಳನ್ನು ಕಲಿಸಲಾಗುತ್ತದೆ.

ಜಿಟಿಟಿಸಿ ಸಂಸ್ಥೆಯು ಉನ್ನತ ತಂತ್ರಜ್ಞಾನ ಮತ್ತು ತರಬೇತಿ ಸೌಲಭ್ಯಗಳನ್ನು ಅಳವಡಿಸಿಕೊಂಡಿದ್ದು, ಕೈಗಾರಿಕೆಗಳಲ್ಲಿ ಅನುಭವ ಹೊಂದಿದ ಶಿಕ್ಷಕರನ್ನು ಹೊಂದಿದೆ. ತರಬೇತಿಯ ನಂತರ ವಿದ್ಯಾರ್ಥಿಗಳಿಗೆ ಟೂಲಿಂಗ್, ವಿಮಾನತಯಾರಿಕೆ, ಮತ್ತುಆಟೋಮೊಬೈಲ್ ವಲಯಗಳ ಪ್ರತಿಷ್ಠಿತ ಕೈಗಾರಿಕೆಗಳಲ್ಲಿ ಉದ್ಯೋಗ ದೊರಕಿಸಿ ಕೊಡಲಾಗುವುದು. ಕಳೆದ ವರ್ಷ ಜಿಟಿಟಿಸಿಯಲ್ಲಿ ತರಬೇತಿ ಪಡೆದಎಲ್ಲ ಅಭ್ಯರ್ಥಿಗಳು ಕ್ಯಾಂಪಸ್ ಸಂದರ್ಶನದ ಮೂಲಕ ಏರೋಸ್ಪೇಸ್‌ಉತ್ಪಾದನೆಮತ್ತುಟೂಲರೂಮ್ ಕೈಗಾರಿಕೆಗಳಲ್ಲಿ ನೇಮಕಾತಿ ಹೊಂದಿರುತ್ತಾರೆ.

ಆಸಕ್ತ ಅಭ್ಯರ್ಥಿಗಳು ದಿನಾಂಕ 30-05-2025 ರೊಳಗಾಗಿ ಅರ್ಜಿ ಸಲ್ಲಿಸಬೇಕು. ತರಬೇತಿಗಳು ಜೂನ್ 2 ರಿಂದ ಪ್ರಾರಂಭವಾಗಲಿವೆ. ಆಸಕ್ತ ಅಭ್ಯರ್ಥಿಗಳು ಹುಬ್ಬಳ್ಳಿ ಮತ್ತು ನರಗುಂದ ಕೇಂದ್ರಗಳಿಗೆ ಭೇಟಿ ನೀಡಿ ಪ್ರವೇಶ ಪಡೆಯಬಹುದು. ಹೆಚ್ಚಿನ ಮಾಹಿತಿಗೆ ಜಿಟಿಟಿಸಿ, ಗೋಕುಲ ರಸ್ತೆ, ಹುಬ್ಬಳ್ಳಿ, ದೂರವಾಣಿ 8183860552, 9902101010 ಮತ್ತು ಜಿಟಿಟಿಸಿ, ಅಳಗವಾಡಿ ರಸ್ತೆ, ನರಗುಂದ. ದೂರವಾಣಿ 8088536896 ಸಂಪರ್ಕಿಸಲು ಕೋರಲಾಗಿದೆ.

ಪಂಚಾಯತ ಸಭಾ ಭವನದಲ್ಲಿ ಪೂರ್ವಭಾವಿ ಸಭೆ

ಹರಿಹರ: ವಿಜಯನಗರ ಜಿಲ್ಲೆಯ ಹೊಸಪೇಟೆಯಲ್ಲಿ ನಡೆಯುವ ಸರ್ಕಾರ ಮಹತ್ವಾಕಾಂಕ್ಷಿ ಯೋಜನೆಗಳ ಕಾರ್ಯಕ್ರಮಕ್ಕೆ ಕ್ಷೇತ್ರದಿಂದ ಕರೆತರುವ ಫಲಾನುಭವಿಗಳನ್ನು ಸುರಕ್ಷಿತವಾಗಿ ಕರೆತಂದು ಮರಳಿ ಅವರನ್ನು ಅವರವರ ಮನೆಗಳಿಗೆ ಮುಟ್ಟಿಸುವ ಜವಾಬ್ದಾರಿ ನಿಮ್ಮದಾಗಿದೆ ಎಂದು ರಾಜ್ಯ ಮಹಿಳಾ ಮಕ್ಕಳ ಕಲ್ಯಾಣ ಸಚಿವೆ ಲಕ್ಷ್ಮೀಮಿ ಹೆಬ್ಬಾಳ್ಕರ್ ಹೇಳಿದರು.

ಮೇ 20ರಂದು ನಡೆಯುವ ಕಾರ್ಯಕ್ರಮದ ನಿಮಿತ್ತ ಶುಕ್ರವಾರ ನಗರದ ತಾಲೂಕು ಪಂಚಾಯತ ಸಭಾ ಭವನದಲ್ಲಿ ಕರೆದಿದ್ದ ಪೂರ್ವಭಾವಿ ಸಭೆಯಲ್ಲಿ ಅವರು ಮಾತನಾಡಿ, ಕಾರ್ಯಕ್ರಮದ ನಿಮಿತ್ತ ಅಧಿಕಾರಿಗಳು ಮಾಡಿಕೊಂಡಿರುವ ಸಿದ್ಧತೆಯ ಸಮಗ್ರ ವರದಿ ಪಡೆದರು.

ತಹಶೀಲ್ದಾರ ಗುರುಬಸವರಾಜ ಮಾತನಾಡಿ, ತಾಲೂಕಿನಲ್ಲಿ 22 ಗ್ರಾಮ ಪಂಚಾಯಿತಿಗಳಿದ್ದು 2 ಗ್ರಾಪಂಗೆ ಒಬ್ಬರನ್ನು ನೋಡಲ್ ಅಧಿಕಾರಿ ಹಾಗೂ ಪಿಡಿಓಗಳನ್ನು ಆಯ್ಕೆ ಮಾಡಲಾಗಿದೆ. ಕೆ

ಎಸ್‌ಆರ್‌ಟಿಸಿ ಇಂದ 22 ಬಸ್ಸುಗಳ ವ್ಯವಸ್ಥೆ ಮಾಡಲಾಗಿದೆ.44ರಟ್ ಅಧಿಕಾರಿಗಳು ನೇಮಿಸಿದ್ದೇವೆ.

136 ಕಂದಾಯ ಗ್ರಾಮದ ಫಲಾನುಭವಿಗಳು, 147 ಪೋಡಿ ಮುಕ್ತ ಫಲಾನುಭವಿಗಳು, ಈಗಾಗಲೆ 93% ರೈತರ ಆಧಾರ್ ಸಿಡ್ ಮಾಡಿದ್ದೇವೆ. 4,200 ಖಾತೆದಾರರನ್ನು ಪೋಡಿ ಮುಕ್ತ ಮಾಡುತ್ತೇವೆ. ಎಮದು ತಹಶೀಲ್ದಾರ ತಿಳಿಸಿದರು.

ಶಾಸಕ ಬಿ.ಪಿ ಹರೀಶ್ ಮಾತನಾಡಿ, ಜವಾಬ್ದಾರಿ ಪಡೆದ ಅಧಿಕಾರಿಗಳು ಜನರನ್ನು

ಕರೆದುಕೊಂಡು ಹೋಗಿರುವ ಬಗ್ಗೆ ಕಾಳಜಿ ಇರಬೇಕು. ಹರಿಹರ ಕ್ಷೇತ್ರದ ಅಭಿವೃದ್ಧಿಗೆ ಕೈಜೋಡಿಸಿ ಉತ್ತರ ಕರ್ನಾಟಕ ದಕ್ಷಿಣ ಕರ್ನಾಟಕದ ಹೆಬ್ಬಾಗಿಲು ಹರಿಹರ ಕ್ಷೇತ್ರ ಇರುವುದರಿಂದ ಕ್ಷೇತ್ರದ ಬಗ್ಗೆ ಹೆಚ್ಚು ಕಾಳಜಿ ವಹಿಸಿ ಎಂದು ಮನವಿ ಮಾಡಿಕೊಂಡರು. ಲಕ್ಷ್ಮೀ ಹೆಬ್ಬಾಳ್ಕರ್ ಮಾತನಾಡಿ ಕಾರ್ಯಕ್ರಮಕ್ಕೆ ಶಾಸಕರು ಬೆಂಬಲ ನೀಡಿರುವುದಕ್ಕೆ ಸ್ವಾಗತ ಬಯಸುತ್ತೇನೆ. ತಾವು ಸಹ ಕಾರ್ಯಕ್ರಮಕ್ಕೆ ಬರಬೇಕೆಂದು ಆಹ್ವಾನ ನೀಡಿದರು.

ಅರ್ಹ ಫಲಾನುಭವಿಗಳಿಗೆ ಸಕಾಲದಲ್ಲಿ ಹಕ್ಕುಪತ್ರ ವಿತರಿಸಿ: ಸಚಿವೆ ಲಕ್ಷ್ಮೀ ಹೆಬ್ಬಾಳ್ಕರ್

ದಾವಣಗೆರೆ: ರಾಜ್ಯ ಸರ್ಕಾರ ಕೈಗೊಂಡಿರುವ ಕಂದಾಯ ಗ್ರಾಮ, ದರಖಾಸ್ತು, ಪೋಡಿಮುಕ್ತ ಅಭಿಯಾನ, ಪೌತಿಖಾತೆ, ಇನ್ನಿತರ ಹಲವು ಯೋಜನೆಗಳನ್ನು ರೂಪಿಸಿದ್ದು, ಅಧಿಕಾರಿಗಳು ಜವಾಬ್ದಾರಿಯುತವಾಗಿ ಕಾರ್ಯನಿರ್ವಹಿಸಿ ಅರ್ಹ ಫಲಾನುಭವಿಗಳಿಗೆ ಸಕಾಲದಲ್ಲಿ ಹಕ್ಕುಪತ್ರ ವಿತರಿಸಬೇಕು ಎಂದು ಮಹಿಳಾ ಮತ್ತು ಮಕ್ಕಳ ಅಭಿವೃದ್ಧಿ ಇಲಾಖೆ ಸಚಿವೆ ಲಕ್ಷ್ಮೀ ಹೆಬ್ಬಾಳ್ಕರ್ ಸೂಚಿಸಿದರು. ಜಿಲ್ಲೆಯ ಹರಿಹರ ತಾಲ್ಲೂಕಿನ ತಾಲ್ಲೂಕು ಪಂಚಾಯಿತಿ ಸಭಾಂಗಣದಲ್ಲಿ ಶುಕ್ರವಾರ ಹಕ್ಕುಪತ್ರ ವಿತರಣೆ ಕುರಿತು ಆಯೋಜಿಸಲಾಗಿದ್ದ ಸಭೆಯಲ್ಲಿ ಅವರು ಮಾತನಾಡಿದರು.

ಹರಿಹರ ತಾಲ್ಲೂಕು ವ್ಯಾಪ್ತಿಯಲ್ಲಿ ಒಟ್ಟಾರೆ 34 ಗ್ರಾಮ ಪಂಚಾಯಿತಿಗಳನ್ನು ಒಳಗೊಂಡಿದ್ದು, ಈ ಪೈಕಿ 136 ಕಂದಾಯ ಗ್ರಾಮಗಳ ಫಲಾನುಭವಿಗಳಿಗೆ ಹಕ್ಕುಪತ್ರ ನೀಡಲು ಆಯ್ಕೆ ಮಾಡಲಾಗಿದೆ. ದರಖಾಸ್ತು ಪೋಡಿ ಅಭಿಯಾನದಡಿ 147 ಫಲಾನುಭವಿಗಳು, ಪೋಡಿಮುಕ್ತ ಗ್ರಾಮಗಳ ಪೈಕಿ 42 ಗ್ರಾಮಗಳಲ್ಲಿ 692 ಫಲಾನುಭವಿಗಳನ್ನು ಗುರುತಿಸಲಾಗಿದೆ.

ಹಾಗೆಯೇ ತಾಲ್ಲೂಕು ವ್ಯಾಪ್ತಿಯಲ್ಲಿ ಪೌತಿಖಾತೆ ಅಭಿಯಾನದಡಿ ಆಧಾರ್ ಜೋಡಣೆ ಕಾರ್ಯದ ವೇಳೆ 4 ಸಾವಿರಕ್ಕೂ ಹೆಚ್ಚು ಪಹಣಿಗಳು ಮರಣ ಹೊಂದಿದವರ ಹೆಸರಿನಲ್ಲಿರುವುದು ಕಂಡು ಬಂದಿದೆ. ಅವುಗಳಲ್ಲಿ 132 ಫಲಾನುಭವಿಗಳಿಗೆ ಫಾರಂ 10ರಡಿ ಈಗಾಗಲೇ ಅಧಿಕೃತವಾಗಿ ಪೌತಿಖಾತೆ ನೀಡಲಾಗಿದೆ. ಬಾಕಿ ಇರುವ ಖಾತೆಗಳನ್ನು ಹಂತ-ಹಂತವಾಗಿ ಪೌತಿಖಾತೆ ಮಾಡುವ ಮೂಲಕ ಖಾತೆ ನೀಡಲಾಗುವುದು ಎಂದು ಸಂಬಂಧಿಸಿದ ಅಧಿಕಾರಿಗಳು ಸಭೆಗೆ ಮಾಹಿತಿ ನೀಡಿದರು.

ಈ ಕುರಿತು ಪ್ರತಿಕ್ರಿಯಿಸಿದ ಸಚಿವೆ ಹೆಬ್ಬಾಳ್ಕರ್ ತಾಲ್ಲೂಕು ವ್ಯಾಪ್ತಿಯಲ್ಲಿ ಕಂದಾಯ ಗ್ರಾಮ, ದರಖಾಸ್ತು, ಪೋಡಿಮುಕ್ತ ಅಭಿಯಾನ, ಪೌತಿಖಾತೆ, ಇನ್ನಿತರ ಯೋಜನೆಯಡಿ 35 ಗ್ರಾಮ ಪಂಚಾಯಿತಿ ವ್ಯಾಪ್ತಿಯಲ್ಲಿ ಒಟ್ಟಾರೆ 1107 ಫಲಾನುಭವಿಗಳು ಹಕ್ಕುಪತ್ರ ಪಡೆಯಲು ಅರ್ಹರಾಗಿರುವ ಫಲಾನುಭವಿಗಳನ್ನು ಆಯ್ಕೆ ಮಾಡಲಾಗಿದ್ದು, ಮುಂಬರುವ ಮೇ.20 ರಂದು ಹೊಸಪೇಟೆಯಲ್ಲಿ ಜರುಗಲಿರುವ ಸರ್ಕಾರದ 2 ವರ್ಷ ಪೂರೈಸಿದ ಸಾಧನ ಸಮಾವೇಶದಲ್ಲಿ ಮಾನ್ಯ ಮುಖ್ಯಮಂತ್ರಿಗಳು

ಹಕ್ಕುಪತ್ರ ವಿತರಿಸಲಿದ್ದಾರೆ ಎಂದರು.

ಈ ವೇಳೆ ಹರಿಹರ ಶಾಸಕ ಬಿ.ಪಿ.ಹರೀಶ್, ತಹಶೀಲ್ದಾರ್, ತಾಲ್ಲೂಕು ಪಂಚಾಯಿತಿ ಇಓ ಸುಮಲತಾ, ಗ್ಯಾರಂಟಿ ಯೋಜನೆ ಸಮಿತಿ ತಾಲ್ಲೂಕು ಅಧ್ಯಕ್ಷ ನಂದಿಗಾವಿ ಶ್ರೀನಿವಾಸ್ ಸೇರಿದಂತೆ ವಿವಿಧ ಇಲಾಖೆ ತಾಲ್ಲೂಕು ಮಟ್ಟದ ಅಧಿಕಾರಿಗಳು ಉಪಸ್ಥಿತರಿದ್ದರು.

ಸಾಧನ ಸಮಾವೇಶಕ್ಕೆ ಸಾರ್ವಜನಿಕರು ಹಾಗೂ ಫಲಾನುಭವಿಗಳನ್ನು ಕರೆತರುವ ಸಂದರ್ಭದಲ್ಲಿ ವಾಹನ ಚಾಲಕರು ಜಾಗರೂಕತೆಯಿಂದ ವಾಹನ ಚಲಾಯಿಸುವುದಲ್ಲದೇ, ಸುರಕ್ಷಿತವಾಗಿ ಯಾವುದೇ ಅಹಿತಕರ ಘಟನೆಗಳು ಸಂಭವಿಸದಂತೆ ಜವಾಬ್ದಾರಿಯುತವಾಗಿ ಕಾರ್ಯನಿರ್ವಹಿಸಬೇಕು ಎಂದು ಸಂಬಂಧಿಸಿದ ಅಧಿಕಾರಿಗಳಿಗೆ ಸೂಕ್ತ ನಿರ್ದೇಶನ ನೀಡಿದರು.
- ಲಕ್ಷ್ಮೀ ಹೆಬ್ಬಾಳ್ಕರ್
ಮಹಿಳಾ ಮತ್ತು ಮಕ್ಕಳ
ಅಭಿವೃದ್ಧಿ ಇಲಾಖೆ ಸಚಿವ
ಆಧುನಿಕ ಹೈನುಗಾರಿಕೆ ತರಬೇತಿ

ದಾವಣಗೆರೆ: ದಾವಣಗೆರೆ ಪಶುಪಾಲನಾ ಮತ್ತು ಪಶುವೈದ್ಯಕೀಯ ತರಬೇತಿ ಕೇಂದ್ರದಲ್ಲಿ ಮೇ.19 ಮತ್ತು 20 ರಂದು ಆಧುನಿಕ ಹೈನುಗಾರಿಕೆ ತರಬೇತಿಯನ್ನು ಆಯೋಜಿಸಲಾಗಿದೆ. ಆಸಕ್ತ ರೈತರು ಆಧಾರ್ ಕಾರ್ಡ್ ಜೆರಾಕ್ಸ್, 2 ಪಾಸ್ ಪೋರ್ಟ್ ಸೈಜ್ ಫೋಟೋ ಮತ್ತು ಪರಿಶಿಷ್ಟ ಜಾತಿ ಮತ್ತು ಪರಿಶಿಷ್ಟ ಪಂಗಡದವರು ಜಾತಿ ಪ್ರಮಾಣ ಪತ್ರದ ಜೆರಾಕ್ಸ್ ಪ್ರತಿಯೊಂದಿಗೆ ಹಾಜರಾಗಬೇಕು. ತರಬೇತಿ ಕಾರ್ಯಕ್ರಮಕ್ಕೆ ಯಾವುದೇ ಪ್ರೋತ್ಸಾಹಧನ ಮತ್ತು ಭತ್ಯೆಗಳನ್ನು ನೀಡಲಾಗುವುದಿಲ್ಲ. ತರಬೇತಿಯು ದಾವಣಗೆರೆ ಜಿಲ್ಲೆಯ ರೈತರಿಗೆ ಮಾತ್ರ ಇರುತ್ತದೆ. ಹೆಚ್ಚಿನ ಮಾಹಿತಿಗಾಗಿ ಪಶುಪಾಲನಾ ಮತ್ತು ಪಶುವೈದ್ಯಕೀಯ ತರಬೇತಿ ಕೇಂದ್ರ, ದಾವಣಗೆರೆ ಕಚೇರಿ ದೂ.ಸಂ: 08192-233787 ಸಂಪರ್ಕಿಸಿ ಮಾಹಿತಿ ಪಡೆದುಕೊಳ್ಳಬಹುದು ಎಂದು ಪಶುವೈದ್ಯಾಧಿಕಾರಿಗಳು ತಿಳಿಸಿದ್ದಾರೆ.

ಇ-ಆಸ್ತಿ ನೀಡಲು ದಿನಾಂಕ ವಿಸ್ತರಣೆ

ದಾವಣಗೆರೆ: ಮಹಾನಗರಪಾಲಿಕೆ ವ್ಯಾಪ್ತಿಯಲ್ಲಿ ಇ-ಆಸ್ತಿ ನೀಡಲು ಇನ್ನೂ ಬಾಕಿ ಇರುವುದರಿಂದ ಆಗಸ್ಟ್ 10 ರವರೆಗೆ ವಿಸ್ತರಿಸಲಾಗಿದೆ ಎಂದು ಪಾಲಿಕೆ ಆಯುಕ್ತೆ ರೇಣುಕಾ ತಿಳಿಸಿದ್ದಾರೆ.
